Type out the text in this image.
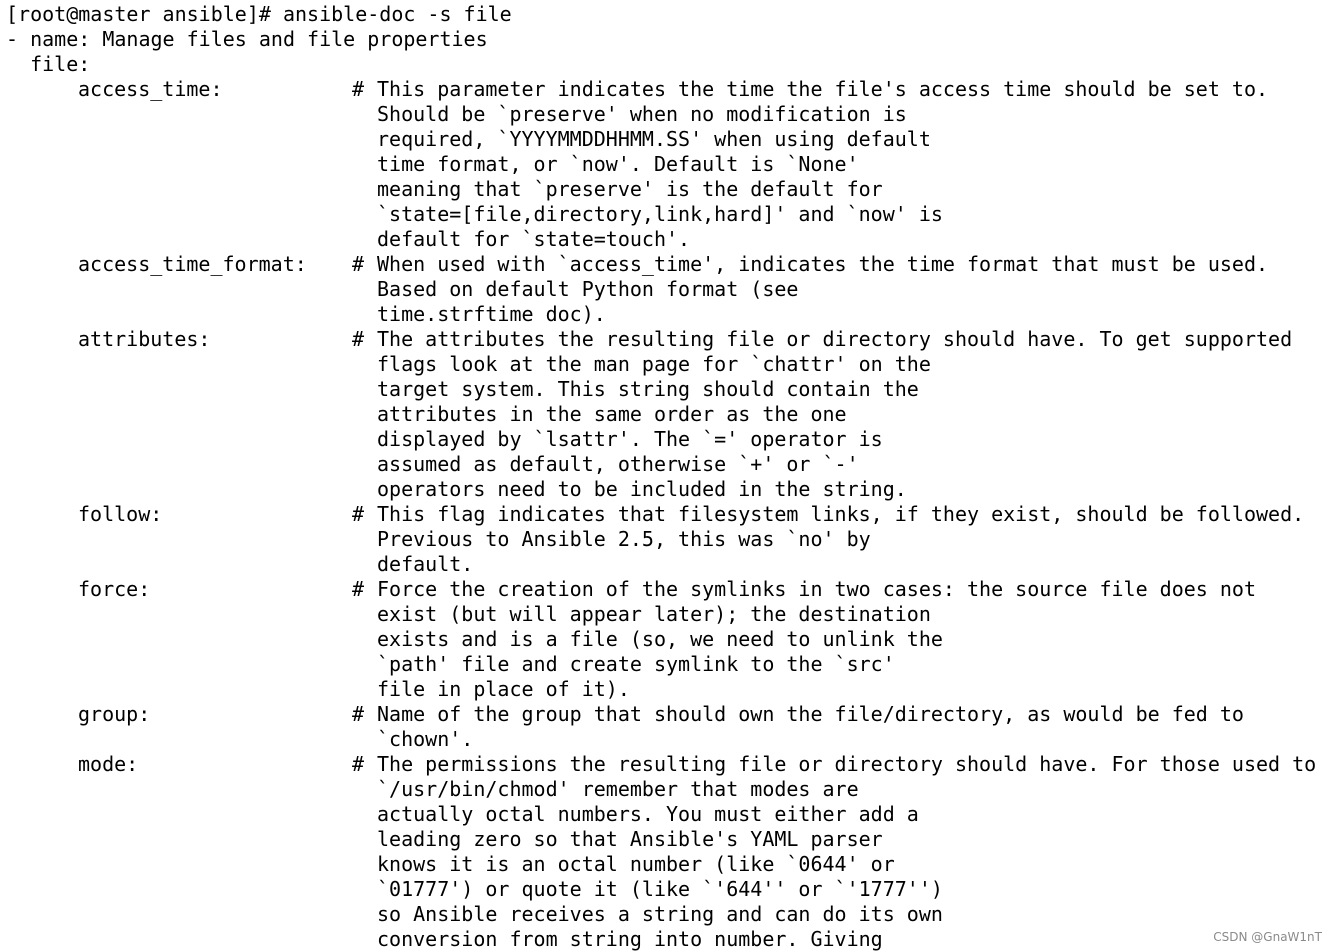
[root@master ansible]# ansible-doc -s file
- name: Manage files and file properties
file:
access_time:	# This parameter indicates the time the file's access time should be set to.
Should be `preserve' when no modification is
required, `YYYYMMDDHHMM.SS' when using default
time format, or `now'. Default is `None'
meaning that `preserve' is the default for
`state=[file,directory,link,hard]' and `now' is
default for `state=touch'.
access_time_format: # When used with `access_time', indicates the time format that must be used.
Based on default Python format (see
time.strftime doc).
attributes:	# The attributes the resulting file or directory should have. To get supported
flags look at the man page for `chattr' on the
target system. This string should contain the
attributes in the same order as the one
displayed by `lsattr'. The `=' operator is
assumed as default, otherwise `+' or `-'
operators need to be included in the string.
follow:	# This flag indicates that filesystem links, if they exist, should be followed.
Previous to Ansible 2.5, this was `no' by
default.
force:	# Force the creation of the symlinks in two cases: the source file does not
exist (but will appear later); the destination
exists and is a file (so, we need to unlink the
`path' file and create symlink to the `src'
file in place of it).
group:	# Name of the group that should own the file/directory, as would be fed to
`chown'.
mode:	# The permissions the resulting file or directory should have. For those used to
`/usr/bin/chmod' remember that modes are
actually octal numbers. You must either add a
leading zero so that Ansible's YAML parser
knows it is an octal number (like `0644' or
`01777') or quote it (like `'644'' or `'1777'')
so Ansible receives a string and can do its own
conversion from string into number. Giving	CSDN @GnaW1nT
